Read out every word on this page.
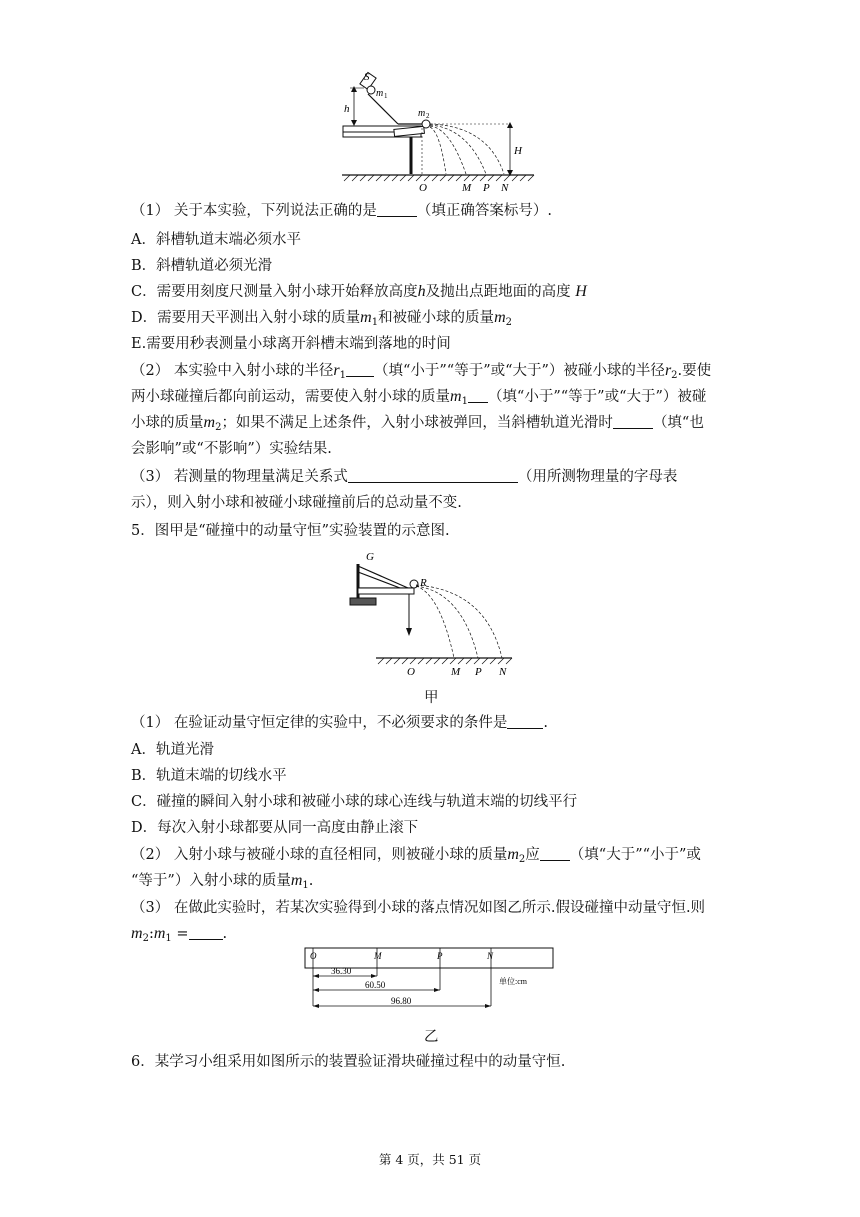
S
m 1
m 2
h
H
O	M P N
（1） 关于本实验，下列说法正确的是	（填正确答案标号）.
A．斜槽轨道末端必须水平
B．斜槽轨道必须光滑
C．需要用刻度尺测量入射小球开始释放高度h及抛出点距地面的高度 H
D．需要用天平测出入射小球的质量$m_1$和被碰小球的质量$m_2$
E.需要用秒表测量小球离开斜槽末端到落地的时间
（2） 本实验中入射小球的半径$r_1$ （填“小于”“等于”或“大于”）被碰小球的半径$r_2$.要使
两小球碰撞后都向前运动，需要使入射小球的质量$m_1$ （填“小于”“等于”或“大于”）被碰
小球的质量$m_2$；如果不满足上述条件，入射小球被弹回，当斜槽轨道光滑时	（填“也
会影响”或“不影响”）实验结果.
（3） 若测量的物理量满足关系式	（用所测物理量的字母表
示），则入射小球和被碰小球碰撞前后的总动量不变.
5．图甲是“碰撞中的动量守恒”实验装置的示意图.
G
R
O	M P N
甲
（1） 在验证动量守恒定律的实验中，不必须要求的条件是 .
A．轨道光滑
B．轨道末端的切线水平
C．碰撞的瞬间入射小球和被碰小球的球心连线与轨道末端的切线平行
D．每次入射小球都要从同一高度由静止滚下
（2） 入射小球与被碰小球的直径相同，则被碰小球的质量$m_2$应 （填“大于”“小于”或
“等于”）入射小球的质量$m_1$.
（3） 在做此实验时，若某次实验得到小球的落点情况如图乙所示.假设碰撞中动量守恒.则
$m_2:m_1$ = .
O	M	P	N
36.30
60.50
96.80
单位:cm
乙
6．某学习小组采用如图所示的装置验证滑块碰撞过程中的动量守恒.
第 4 页，共 51 页
